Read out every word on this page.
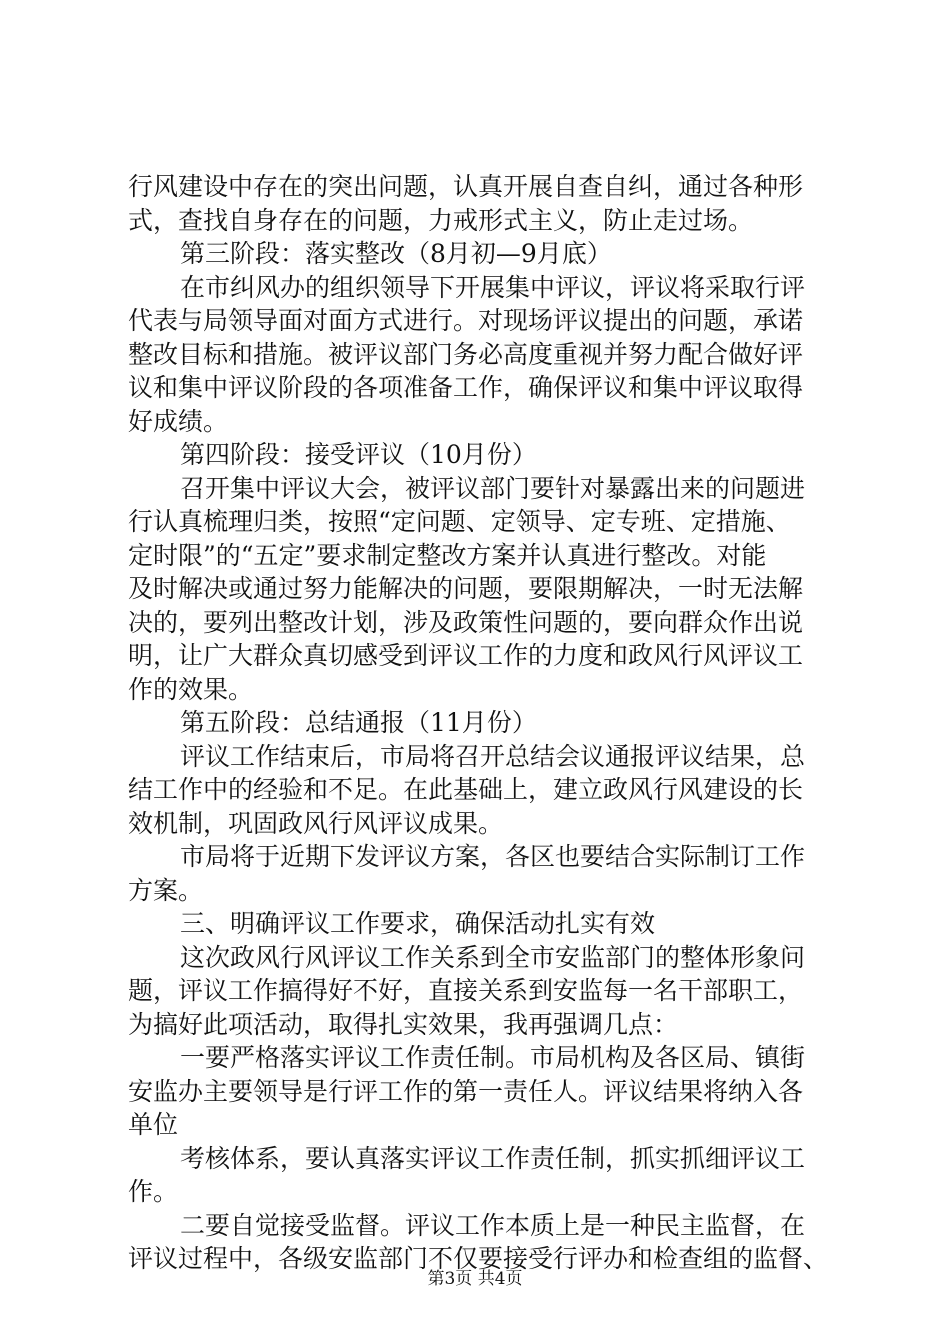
行风建设中存在的突出问题，认真开展自查自纠，通过各种形
式，查找自身存在的问题，力戒形式主义，防止走过场。
第三阶段：落实整改（8月初—9月底）
在市纠风办的组织领导下开展集中评议，评议将采取行评
代表与局领导面对面方式进行。对现场评议提出的问题，承诺
整改目标和措施。被评议部门务必高度重视并努力配合做好评
议和集中评议阶段的各项准备工作，确保评议和集中评议取得
好成绩。
第四阶段：接受评议（10月份）
召开集中评议大会，被评议部门要针对暴露出来的问题进
行认真梳理归类，按照“定问题、定领导、定专班、定措施、
定时限”的“五定”要求制定整改方案并认真进行整改。对能
及时解决或通过努力能解决的问题，要限期解决，一时无法解
决的，要列出整改计划，涉及政策性问题的，要向群众作出说
明，让广大群众真切感受到评议工作的力度和政风行风评议工
作的效果。
第五阶段：总结通报（11月份）
评议工作结束后，市局将召开总结会议通报评议结果，总
结工作中的经验和不足。在此基础上，建立政风行风建设的长
效机制，巩固政风行风评议成果。
市局将于近期下发评议方案，各区也要结合实际制订工作
方案。
三、明确评议工作要求，确保活动扎实有效
这次政风行风评议工作关系到全市安监部门的整体形象问
题，评议工作搞得好不好，直接关系到安监每一名干部职工，
为搞好此项活动，取得扎实效果，我再强调几点：
一要严格落实评议工作责任制。市局机构及各区局、镇街
安监办主要领导是行评工作的第一责任人。评议结果将纳入各
单位
考核体系，要认真落实评议工作责任制，抓实抓细评议工
作。
二要自觉接受监督。评议工作本质上是一种民主监督，在
评议过程中，各级安监部门不仅要接受行评办和检查组的监督、
第3页 共4页
